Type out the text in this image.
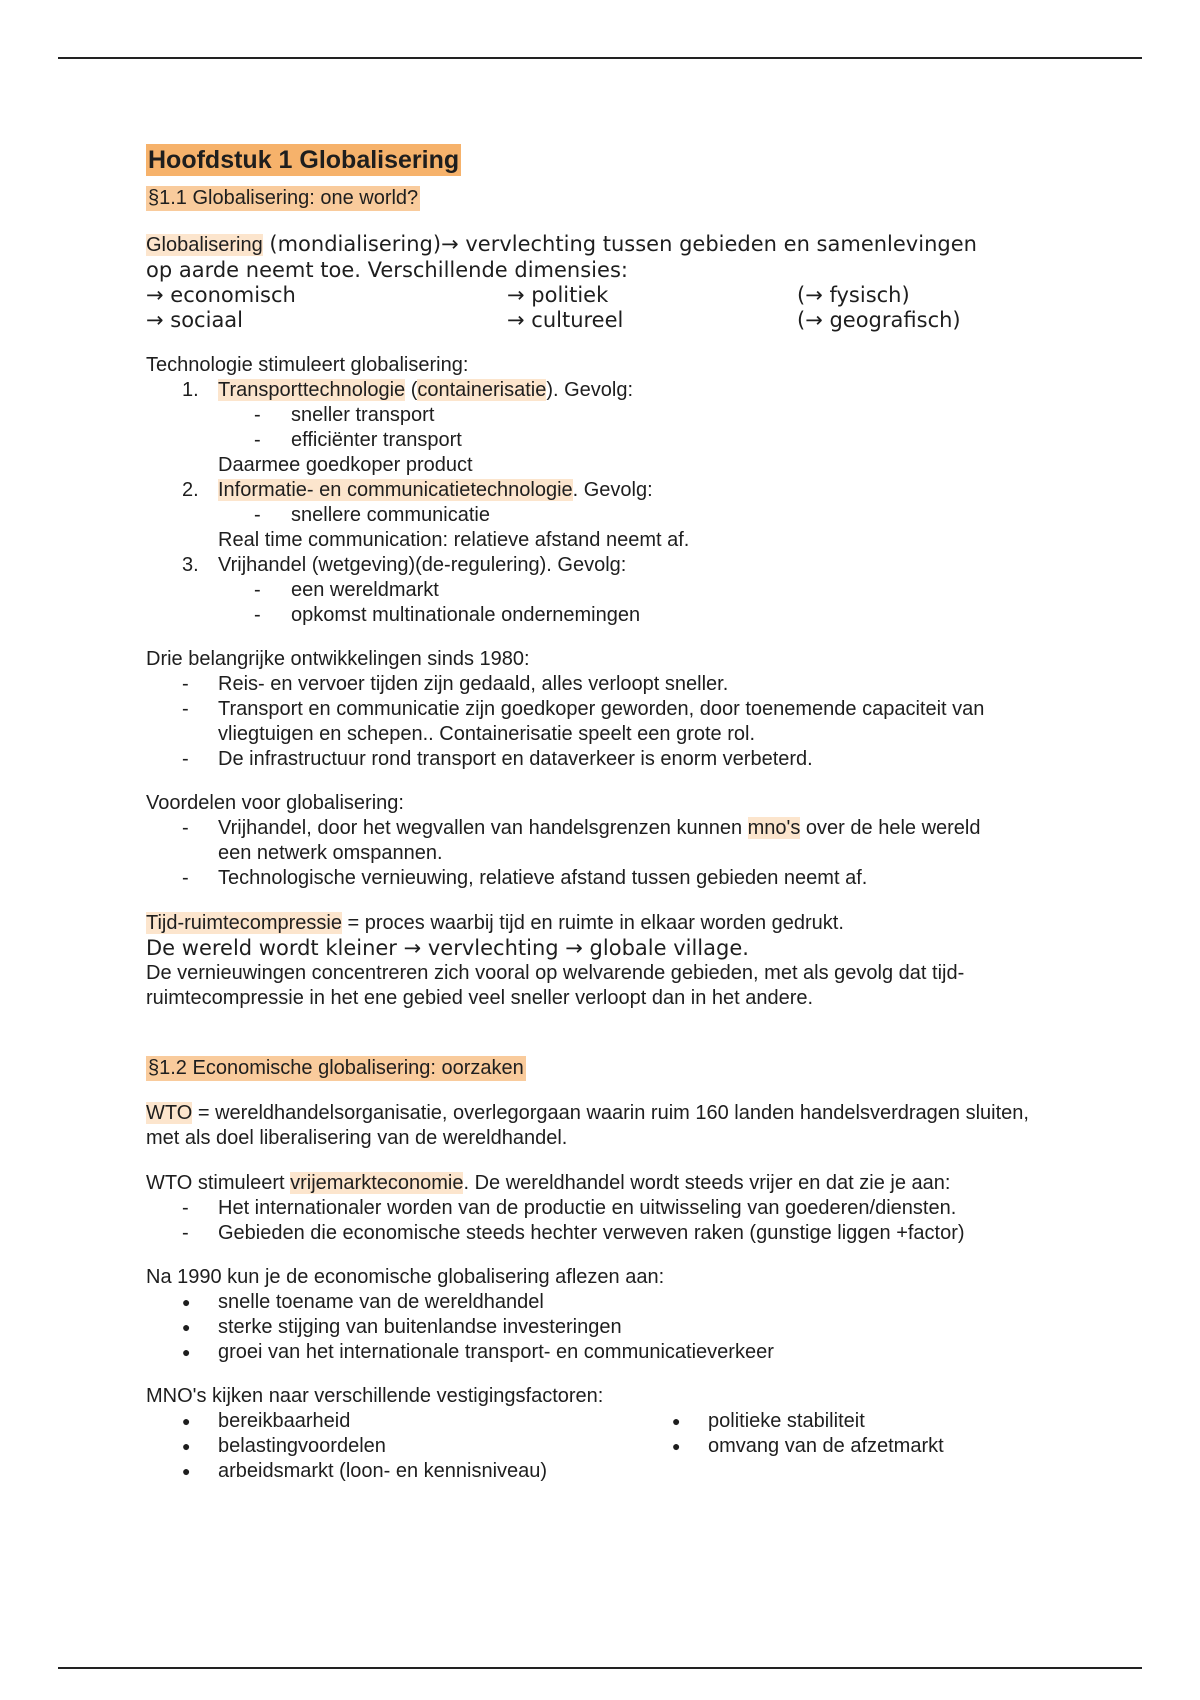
Hoofdstuk 1 Globalisering
§1.1 Globalisering: one world?

Globalisering (mondialisering)→ vervlechting tussen gebieden en samenlevingen

op aarde neemt toe. Verschillende dimensies:

→ economisch	→ politiek	(→ fysisch)
→ sociaal	→ cultureel	(→ geografisch)

Technologie stimuleert globalisering:

1. Transporttechnologie (containerisatie). Gevolg:
- sneller transport
- efficiënter transport
Daarmee goedkoper product
2. Informatie- en communicatietechnologie. Gevolg:
- snellere communicatie
Real time communication: relatieve afstand neemt af.
3. Vrijhandel (wetgeving)(de-regulering). Gevolg:
- een wereldmarkt
- opkomst multinationale ondernemingen

Drie belangrijke ontwikkelingen sinds 1980:

- Reis- en vervoer tijden zijn gedaald, alles verloopt sneller.
- Transport en communicatie zijn goedkoper geworden, door toenemende capaciteit van vliegtuigen en schepen.. Containerisatie speelt een grote rol.
- De infrastructuur rond transport en dataverkeer is enorm verbeterd.

Voordelen voor globalisering:

- Vrijhandel, door het wegvallen van handelsgrenzen kunnen mno's over de hele wereld een netwerk omspannen.
- Technologische vernieuwing, relatieve afstand tussen gebieden neemt af.

Tijd-ruimtecompressie = proces waarbij tijd en ruimte in elkaar worden gedrukt.

De wereld wordt kleiner → vervlechting → globale village.

De vernieuwingen concentreren zich vooral op welvarende gebieden, met als gevolg dat tijd-ruimtecompressie in het ene gebied veel sneller verloopt dan in het andere.

§1.2 Economische globalisering: oorzaken

WTO = wereldhandelsorganisatie, overlegorgaan waarin ruim 160 landen handelsverdragen sluiten, met als doel liberalisering van de wereldhandel.

WTO stimuleert vrijemarkteconomie. De wereldhandel wordt steeds vrijer en dat zie je aan:

- Het internationaler worden van de productie en uitwisseling van goederen/diensten.
- Gebieden die economische steeds hechter verweven raken (gunstige liggen +factor)

Na 1990 kun je de economische globalisering aflezen aan:

● snelle toename van de wereldhandel
● sterke stijging van buitenlandse investeringen
● groei van het internationale transport- en communicatieverkeer

MNO's kijken naar verschillende vestigingsfactoren:

● bereikbaarheid
● belastingvoordelen
● arbeidsmarkt (loon- en kennisniveau)
● politieke stabiliteit
● omvang van de afzetmarkt
